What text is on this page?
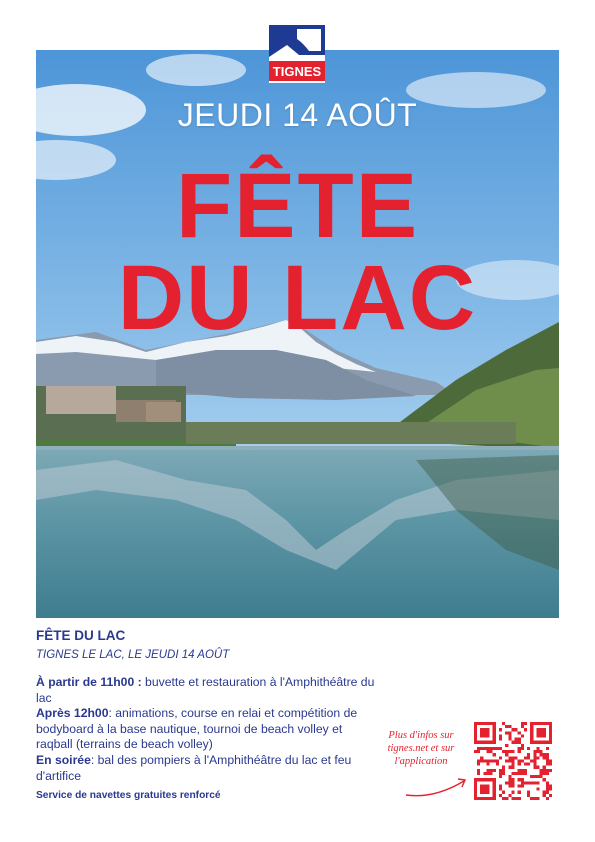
TIGNES
JEUDI 14 AOÛT
FÊTE
DU LAC
FÊTE DU LAC
TIGNES LE LAC, LE JEUDI 14 AOÛT

À partir de 11h00 : buvette et restauration à l'Amphithéâtre du lac

Après 12h00: animations, course en relai et compétition de bodyboard à la base nautique, tournoi de beach volley et raqball (terrains de beach volley)

En soirée: bal des pompiers à l'Amphithéâtre du lac et feu d'artifice

Service de navettes gratuites renforcé
Plus d'infos sur tignes.net et sur l'application
